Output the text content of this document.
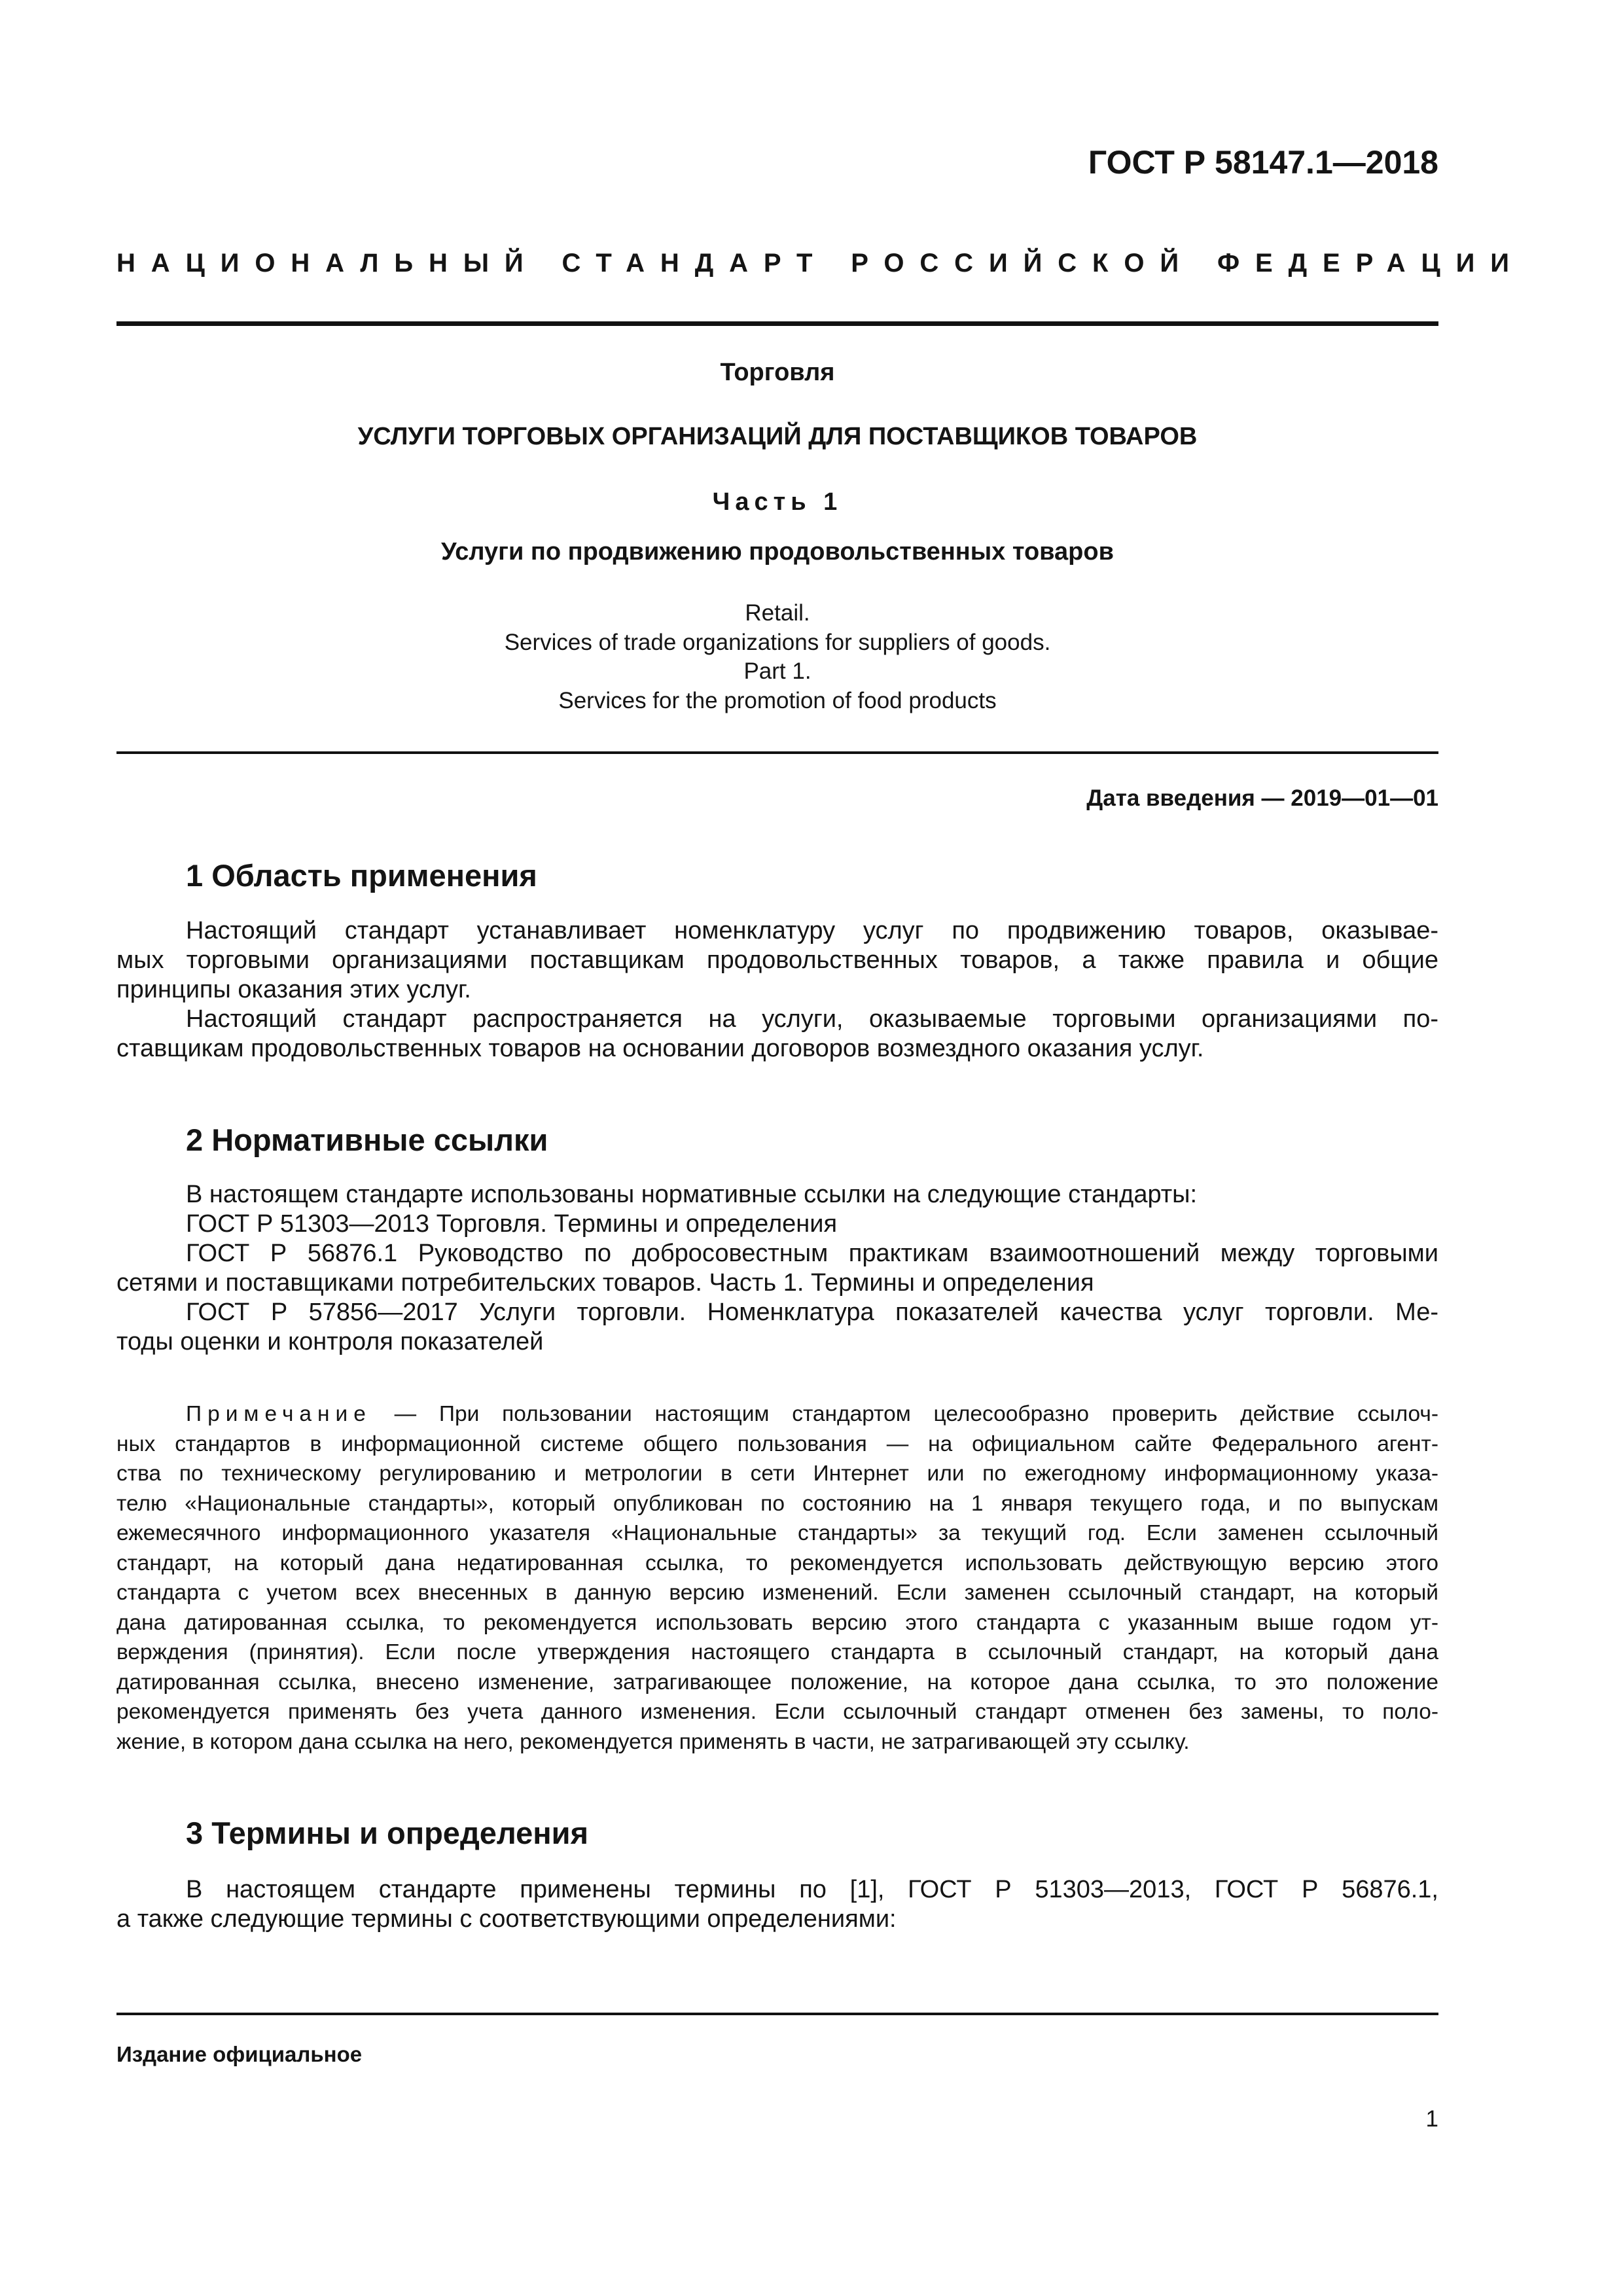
ГОСТ Р 58147.1—2018
НАЦИОНАЛЬНЫЙ СТАНДАРТ РОССИЙСКОЙ ФЕДЕРАЦИИ
Торговля
УСЛУГИ ТОРГОВЫХ ОРГАНИЗАЦИЙ ДЛЯ ПОСТАВЩИКОВ ТОВАРОВ
Часть 1
Услуги по продвижению продовольственных товаров
Retail.
Services of trade organizations for suppliers of goods.
Part 1.
Services for the promotion of food products
Дата введения — 2019—01—01
1 Область применения
Настоящий стандарт устанавливает номенклатуру услуг по продвижению товаров, оказывае-
мых торговыми организациями поставщикам продовольственных товаров, а также правила и общие
принципы оказания этих услуг.
Настоящий стандарт распространяется на услуги, оказываемые торговыми организациями по-
ставщикам продовольственных товаров на основании договоров возмездного оказания услуг.
2 Нормативные ссылки
В настоящем стандарте использованы нормативные ссылки на следующие стандарты:
ГОСТ Р 51303—2013 Торговля. Термины и определения
ГОСТ Р 56876.1 Руководство по добросовестным практикам взаимоотношений между торговыми
сетями и поставщиками потребительских товаров. Часть 1. Термины и определения
ГОСТ Р 57856—2017 Услуги торговли. Номенклатура показателей качества услуг торговли. Ме-
тоды оценки и контроля показателей
Примечание — При пользовании настоящим стандартом целесообразно проверить действие ссылоч-
ных стандартов в информационной системе общего пользования — на официальном сайте Федерального агент-
ства по техническому регулированию и метрологии в сети Интернет или по ежегодному информационному указа-
телю «Национальные стандарты», который опубликован по состоянию на 1 января текущего года, и по выпускам
ежемесячного информационного указателя «Национальные стандарты» за текущий год. Если заменен ссылочный
стандарт, на который дана недатированная ссылка, то рекомендуется использовать действующую версию этого
стандарта с учетом всех внесенных в данную версию изменений. Если заменен ссылочный стандарт, на который
дана датированная ссылка, то рекомендуется использовать версию этого стандарта с указанным выше годом ут-
верждения (принятия). Если после утверждения настоящего стандарта в ссылочный стандарт, на который дана
датированная ссылка, внесено изменение, затрагивающее положение, на которое дана ссылка, то это положение
рекомендуется применять без учета данного изменения. Если ссылочный стандарт отменен без замены, то поло-
жение, в котором дана ссылка на него, рекомендуется применять в части, не затрагивающей эту ссылку.
3 Термины и определения
В настоящем стандарте применены термины по [1], ГОСТ Р 51303—2013, ГОСТ Р 56876.1,
а также следующие термины с соответствующими определениями:
Издание официальное
1
